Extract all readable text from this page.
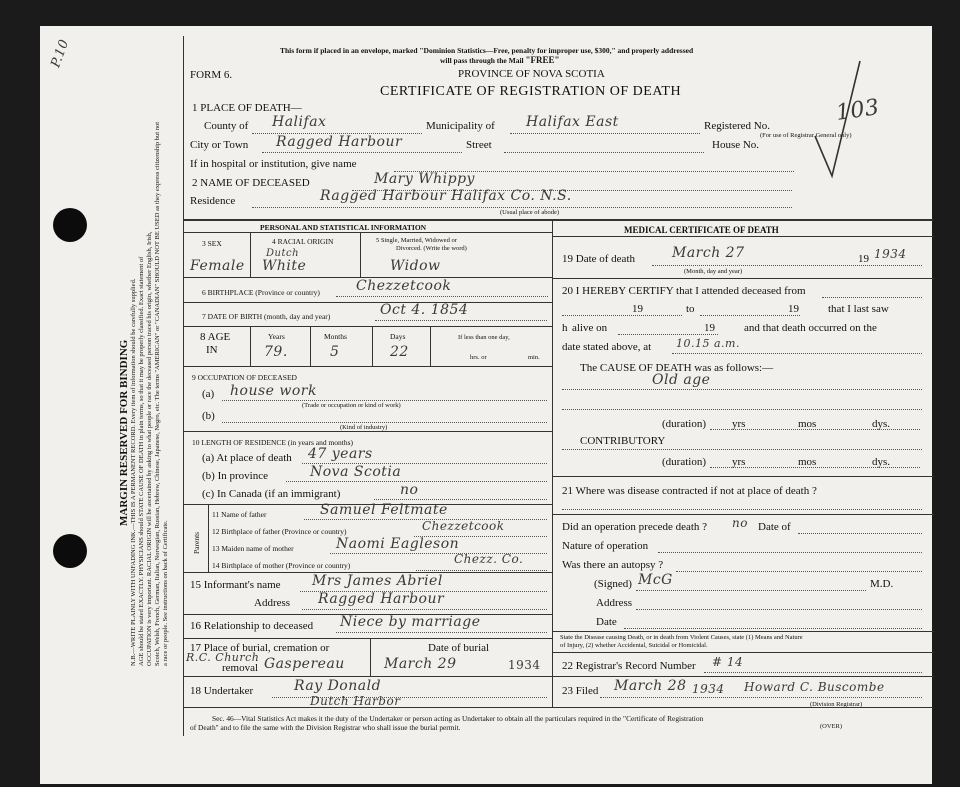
P.10
MARGIN RESERVED FOR BINDING N.B.—WRITE PLAINLY WITH UNFADING INK.—THIS IS A PERMANENT RECORD. Every item of information should be carefully supplied. AGE should be stated EXACTLY. PHYSICIANS should STATE CAUSE OF DEATH in plain terms, so that it may be properly classified. Exact statement of OCCUPATION is very important. RACIAL ORIGIN will be ascertained by asking to what people or race the deceased person traced his origin, whether English, Irish, Scotch, Welsh, French, German, Italian, Norwegian, Russian, Hebrew, Chinese, Japanese, Negro, etc. The terms "AMERICAN" or "CANADIAN" SHOULD NOT BE USED as they express citizenship but not a race or people. See instructions on back of Certificate.
This form if placed in an envelope, marked "Dominion Statistics—Free, penalty for improper use, $300," and properly addressed
will pass through the Mail "FREE"
FORM 6.	PROVINCE OF NOVA SCOTIA
CERTIFICATE OF REGISTRATION OF DEATH
103
1 PLACE OF DEATH—
County of Halifax	Municipality of Halifax East	Registered No.
(For use of Registrar General only)
City or Town Ragged Harbour	Street	House No.
If in hospital or institution, give name
2 NAME OF DECEASED	Mary Whippy
Residence	Ragged Harbour Halifax Co. N.S.
(Usual place of abode)
PERSONAL AND STATISTICAL INFORMATION
3 SEX	4 RACIAL ORIGIN	5 Single, Married, Widowed or
Divorced. (Write the word)
Dutch
Female White	Widow
6 BIRTHPLACE (Province or country)	Chezzetcook
7 DATE OF BIRTH (month, day and year)	Oct 4. 1854
8 AGE
IN
Years	Months	Days
79.	5	22
If less than one day,
hrs. or	min.
9 OCCUPATION OF DECEASED
(a) house work
(Trade or occupation or kind of work)
(b)
(Kind of industry)
10 LENGTH OF RESIDENCE (in years and months)
(a) At place of death 47 years
(b) In province	Nova Scotia
(c) In Canada (if an immigrant)	no
Parents
11 Name of father	Samuel Feltmate
12 Birthplace of father (Province or country)	Chezzetcook
13 Maiden name of mother	Naomi Eagleson
14 Birthplace of mother (Province or country)	Chezz. Co.
15 Informant's name Mrs James Abriel
Address Ragged Harbour
16 Relationship to deceased Niece by marriage
17 Place of burial, cremation or
removal
R.C. Church Gaspereau
Date of burial
March 29	1934
18 Undertaker	Ray Donald
Dutch Harbor
MEDICAL CERTIFICATE OF DEATH
19 Date of death	March 27	19 1934
(Month, day and year)
20 I HEREBY CERTIFY that I attended deceased from
19	to	19	that I last saw
h alive on	19	and that death occurred on the
date stated above, at 10.15 a.m.
The CAUSE OF DEATH was as follows:—
Old age
(duration) yrs	mos	dys.
CONTRIBUTORY
(duration) yrs	mos	dys.
21 Where was disease contracted if not at place of death ?
Did an operation precede death ? no Date of
Nature of operation
Was there an autopsy ?
(Signed) McG	M.D.
Address
Date
State the Disease causing Death, or in death from Violent Causes, state (1) Means and Nature
of Injury, (2) whether Accidental, Suicidal or Homicidal.
22 Registrar's Record Number # 14
23 Filed March 28 1934 Howard C. Buscombe
(Division Registrar)
Sec. 46—Vital Statistics Act makes it the duty of the Undertaker or person acting as Undertaker to obtain all the particulars required in the "Certificate of Registration
of Death" and to file the same with the Division Registrar who shall issue the burial permit.	(OVER)
